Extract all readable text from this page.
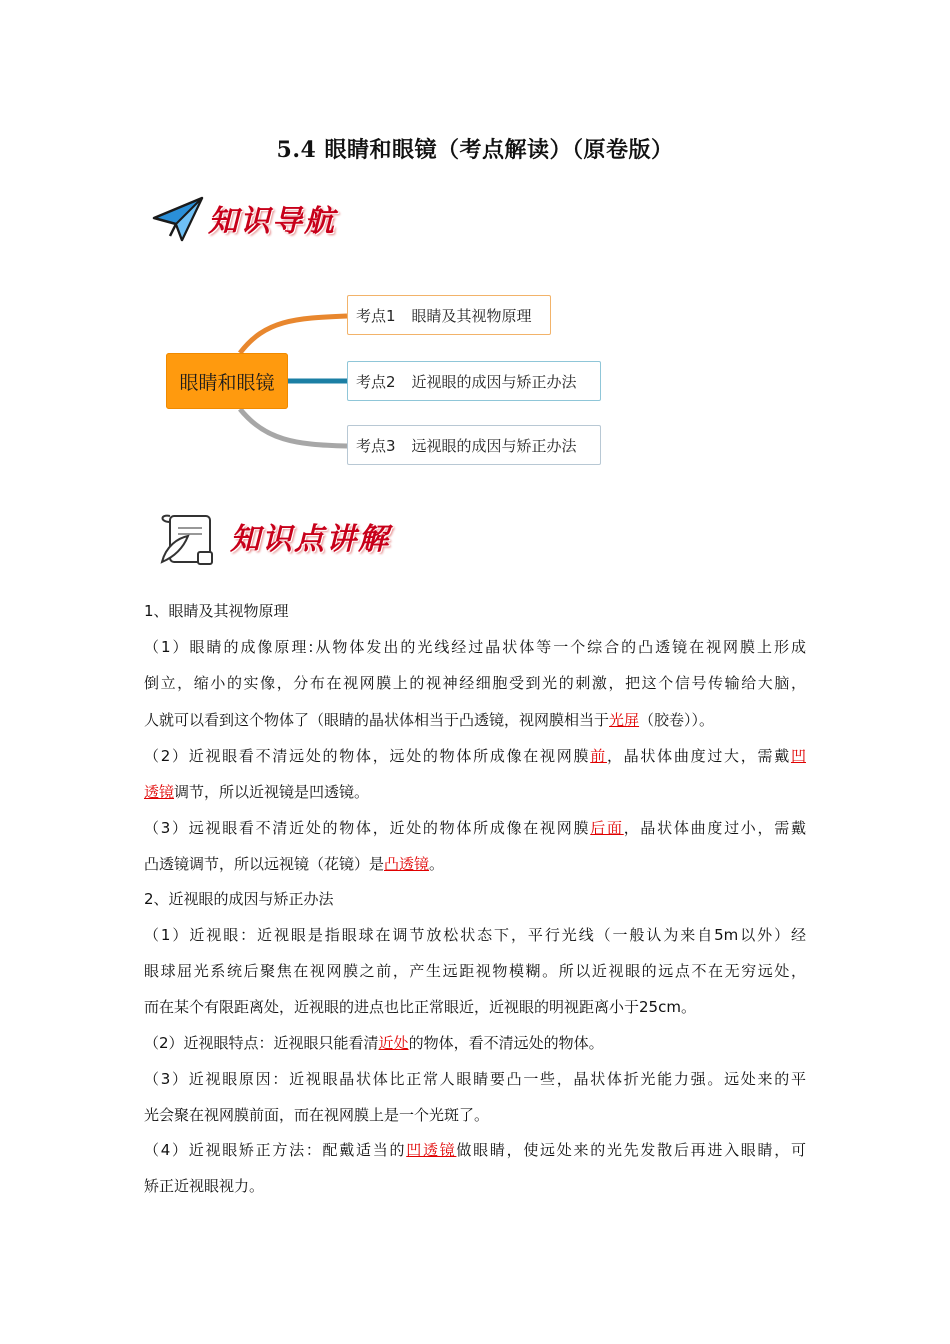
5.4 眼睛和眼镜（考点解读）（原卷版）
知识导航
眼睛和眼镜
考点1 眼睛及其视物原理
考点2 近视眼的成因与矫正办法
考点3 远视眼的成因与矫正办法
知识点讲解
1、眼睛及其视物原理
（1）眼睛的成像原理:从物体发出的光线经过晶状体等一个综合的凸透镜在视网膜上形成
倒立，缩小的实像，分布在视网膜上的视神经细胞受到光的刺激，把这个信号传输给大脑，
人就可以看到这个物体了（眼睛的晶状体相当于凸透镜，视网膜相当于光屏（胶卷））。
（2）近视眼看不清远处的物体，远处的物体所成像在视网膜前，晶状体曲度过大，需戴凹
透镜调节，所以近视镜是凹透镜。
（3）远视眼看不清近处的物体，近处的物体所成像在视网膜后面，晶状体曲度过小，需戴
凸透镜调节，所以远视镜（花镜）是凸透镜。
2、近视眼的成因与矫正办法
（1）近视眼：近视眼是指眼球在调节放松状态下，平行光线（一般认为来自5m以外）经
眼球屈光系统后聚焦在视网膜之前，产生远距视物模糊。所以近视眼的远点不在无穷远处，
而在某个有限距离处，近视眼的进点也比正常眼近，近视眼的明视距离小于25cm。
（2）近视眼特点：近视眼只能看清近处的物体，看不清远处的物体。
（3）近视眼原因：近视眼晶状体比正常人眼睛要凸一些，晶状体折光能力强。远处来的平
光会聚在视网膜前面，而在视网膜上是一个光斑了。
（4）近视眼矫正方法：配戴适当的凹透镜做眼睛，使远处来的光先发散后再进入眼睛，可
矫正近视眼视力。
